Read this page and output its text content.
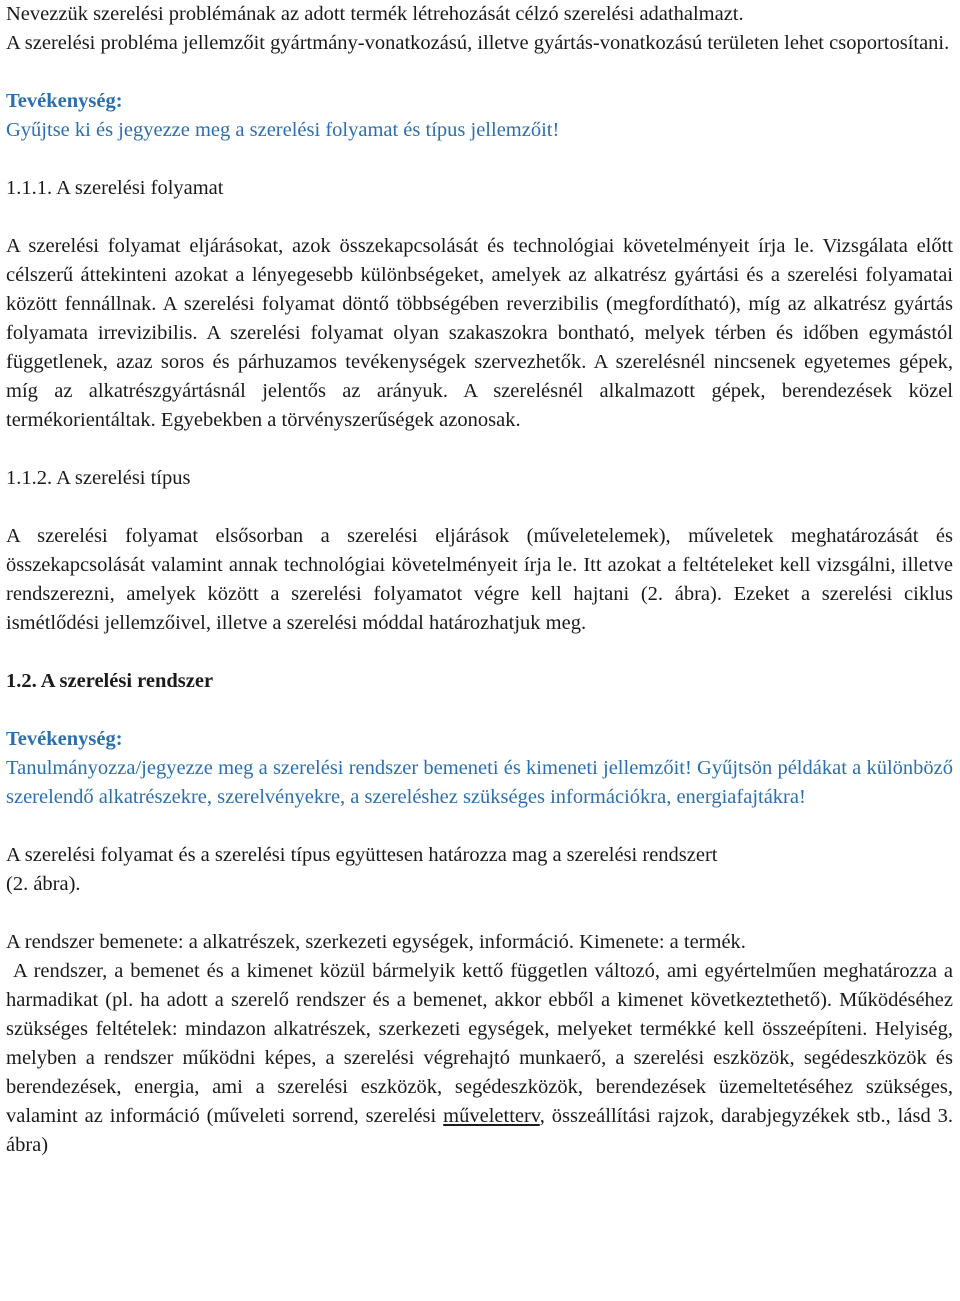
Nevezzük szerelési problémának az adott termék létrehozását célzó szerelési adathalmazt.

A szerelési probléma jellemzőit gyártmány-vonatkozású, illetve gyártás-vonatkozású területen lehet csoportosítani.

Tevékenység:

Gyűjtse ki és jegyezze meg a szerelési folyamat és típus jellemzőit!

1.1.1. A szerelési folyamat

A szerelési folyamat eljárásokat, azok összekapcsolását és technológiai követelményeit írja le. Vizsgálata előtt célszerű áttekinteni azokat a lényegesebb különbségeket, amelyek az alkatrész gyártási és a szerelési folyamatai között fennállnak. A szerelési folyamat döntő többségében reverzibilis (megfordítható), míg az alkatrész gyártás folyamata irrevizibilis. A szerelési folyamat olyan szakaszokra bontható, melyek térben és időben egymástól függetlenek, azaz soros és párhuzamos tevékenységek szervezhetők. A szerelésnél nincsenek egyetemes gépek, míg az alkatrészgyártásnál jelentős az arányuk. A szerelésnél alkalmazott gépek, berendezések közel termékorientáltak. Egyebekben a törvényszerűségek azonosak.

1.1.2. A szerelési típus

A szerelési folyamat elsősorban a szerelési eljárások (műveletelemek), műveletek meghatározását és összekapcsolását valamint annak technológiai követelményeit írja le. Itt azokat a feltételeket kell vizsgálni, illetve rendszerezni, amelyek között a szerelési folyamatot végre kell hajtani (2. ábra). Ezeket a szerelési ciklus ismétlődési jellemzőivel, illetve a szerelési móddal határozhatjuk meg.

1.2. A szerelési rendszer

Tevékenység:

Tanulmányozza/jegyezze meg a szerelési rendszer bemeneti és kimeneti jellemzőit! Gyűjtsön példákat a különböző szerelendő alkatrészekre, szerelvényekre, a szereléshez szükséges információkra, energiafajtákra!

A szerelési folyamat és a szerelési típus együttesen határozza mag a szerelési rendszert

(2. ábra).

A rendszer bemenete: a alkatrészek, szerkezeti egységek, információ. Kimenete: a termék.

A rendszer, a bemenet és a kimenet közül bármelyik kettő független változó, ami egyértelműen meghatározza a harmadikat (pl. ha adott a szerelő rendszer és a bemenet, akkor ebből a kimenet következtethető). Működéséhez szükséges feltételek: mindazon alkatrészek, szerkezeti egységek, melyeket termékké kell összeépíteni. Helyiség, melyben a rendszer működni képes, a szerelési végrehajtó munkaerő, a szerelési eszközök, segédeszközök és berendezések, energia, ami a szerelési eszközök, segédeszközök, berendezések üzemeltetéséhez szükséges, valamint az információ (műveleti sorrend, szerelési műveletterv, összeállítási rajzok, darabjegyzékek stb., lásd 3. ábra)
